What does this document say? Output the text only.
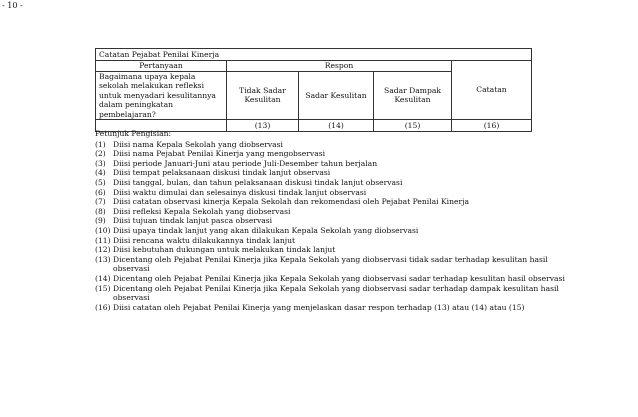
- 10 -
Catatan Pejabat Penilai Kinerja				
Pertanyaan	Respon			Catatan
Bagaimana upaya kepala sekolah melakukan refleksi untuk menyadari kesulitannya dalam peningkatan pembelajaran?	Tidak Sadar Kesulitan	Sadar Kesulitan	Sadar Dampak Kesulitan	
	(13)	(14)	(15)	(16)
Petunjuk Pengisian:
(1) Diisi nama Kepala Sekolah yang diobservasi
(2) Diisi nama Pejabat Penilai Kinerja yang mengobservasi
(3) Diisi periode Januari-Juni atau periode Juli-Desember tahun berjalan
(4) Diisi tempat pelaksanaan diskusi tindak lanjut observasi
(5) Diisi tanggal, bulan, dan tahun pelaksanaan diskusi tindak lanjut observasi
(6) Diisi waktu dimulai dan selesainya diskusi tindak lanjut observasi
(7) Diisi catatan observasi kinerja Kepala Sekolah dan rekomendasi oleh Pejabat Penilai Kinerja
(8) Diisi refleksi Kepala Sekolah yang diobservasi
(9) Diisi tujuan tindak lanjut pasca observasi
(10) Diisi upaya tindak lanjut yang akan dilakukan Kepala Sekolah yang diobservasi
(11) Diisi rencana waktu dilakukannya tindak lanjut
(12) Diisi kebutuhan dukungan untuk melakukan tindak lanjut
(13) Dicentang oleh Pejabat Penilai Kinerja jika Kepala Sekolah yang diobservasi tidak sadar terhadap kesulitan hasil observasi
(14) Dicentang oleh Pejabat Penilai Kinerja jika Kepala Sekolah yang diobservasi sadar terhadap kesulitan hasil observasi
(15) Dicentang oleh Pejabat Penilai Kinerja jika Kepala Sekolah yang diobservasi sadar terhadap dampak kesulitan hasil observasi
(16) Diisi catatan oleh Pejabat Penilai Kinerja yang menjelaskan dasar respon terhadap (13) atau (14) atau (15)
